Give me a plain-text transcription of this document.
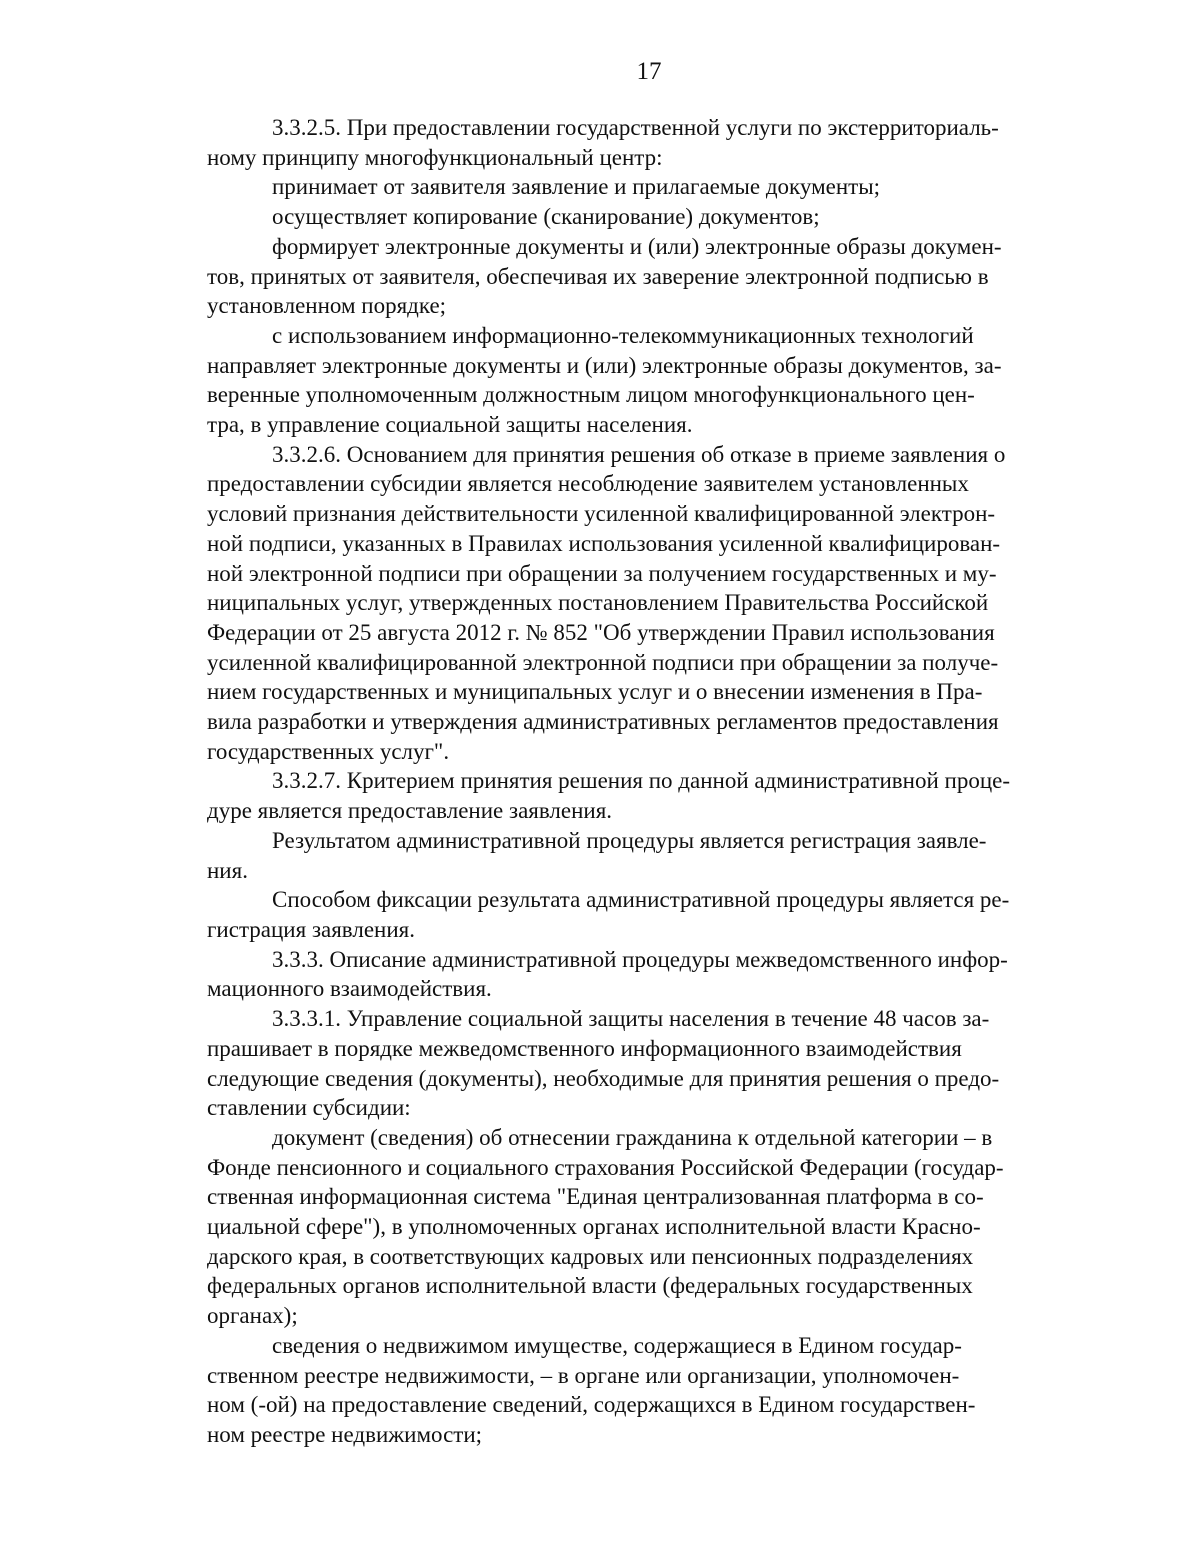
17

3.3.2.5. При предоставлении государственной услуги по экстерриториаль-
ному принципу многофункциональный центр:

принимает от заявителя заявление и прилагаемые документы;

осуществляет копирование (сканирование) документов;

формирует электронные документы и (или) электронные образы докумен-
тов, принятых от заявителя, обеспечивая их заверение электронной подписью в
установленном порядке;

с использованием информационно-телекоммуникационных технологий
направляет электронные документы и (или) электронные образы документов, за-
веренные уполномоченным должностным лицом многофункционального цен-
тра, в управление социальной защиты населения.

3.3.2.6. Основанием для принятия решения об отказе в приеме заявления о
предоставлении субсидии является несоблюдение заявителем установленных
условий признания действительности усиленной квалифицированной электрон-
ной подписи, указанных в Правилах использования усиленной квалифицирован-
ной электронной подписи при обращении за получением государственных и му-
ниципальных услуг, утвержденных постановлением Правительства Российской
Федерации от 25 августа 2012 г. № 852 "Об утверждении Правил использования
усиленной квалифицированной электронной подписи при обращении за получе-
нием государственных и муниципальных услуг и о внесении изменения в Пра-
вила разработки и утверждения административных регламентов предоставления
государственных услуг".

3.3.2.7. Критерием принятия решения по данной административной проце-
дуре является предоставление заявления.

Результатом административной процедуры является регистрация заявле-
ния.

Способом фиксации результата административной процедуры является ре-
гистрация заявления.

3.3.3. Описание административной процедуры межведомственного инфор-
мационного взаимодействия.

3.3.3.1. Управление социальной защиты населения в течение 48 часов за-
прашивает в порядке межведомственного информационного взаимодействия
следующие сведения (документы), необходимые для принятия решения о предо-
ставлении субсидии:

документ (сведения) об отнесении гражданина к отдельной категории – в
Фонде пенсионного и социального страхования Российской Федерации (государ-
ственная информационная система "Единая централизованная платформа в со-
циальной сфере"), в уполномоченных органах исполнительной власти Красно-
дарского края, в соответствующих кадровых или пенсионных подразделениях
федеральных органов исполнительной власти (федеральных государственных
органах);

сведения о недвижимом имуществе, содержащиеся в Едином государ-
ственном реестре недвижимости, – в органе или организации, уполномочен-
ном (-ой) на предоставление сведений, содержащихся в Едином государствен-
ном реестре недвижимости;
